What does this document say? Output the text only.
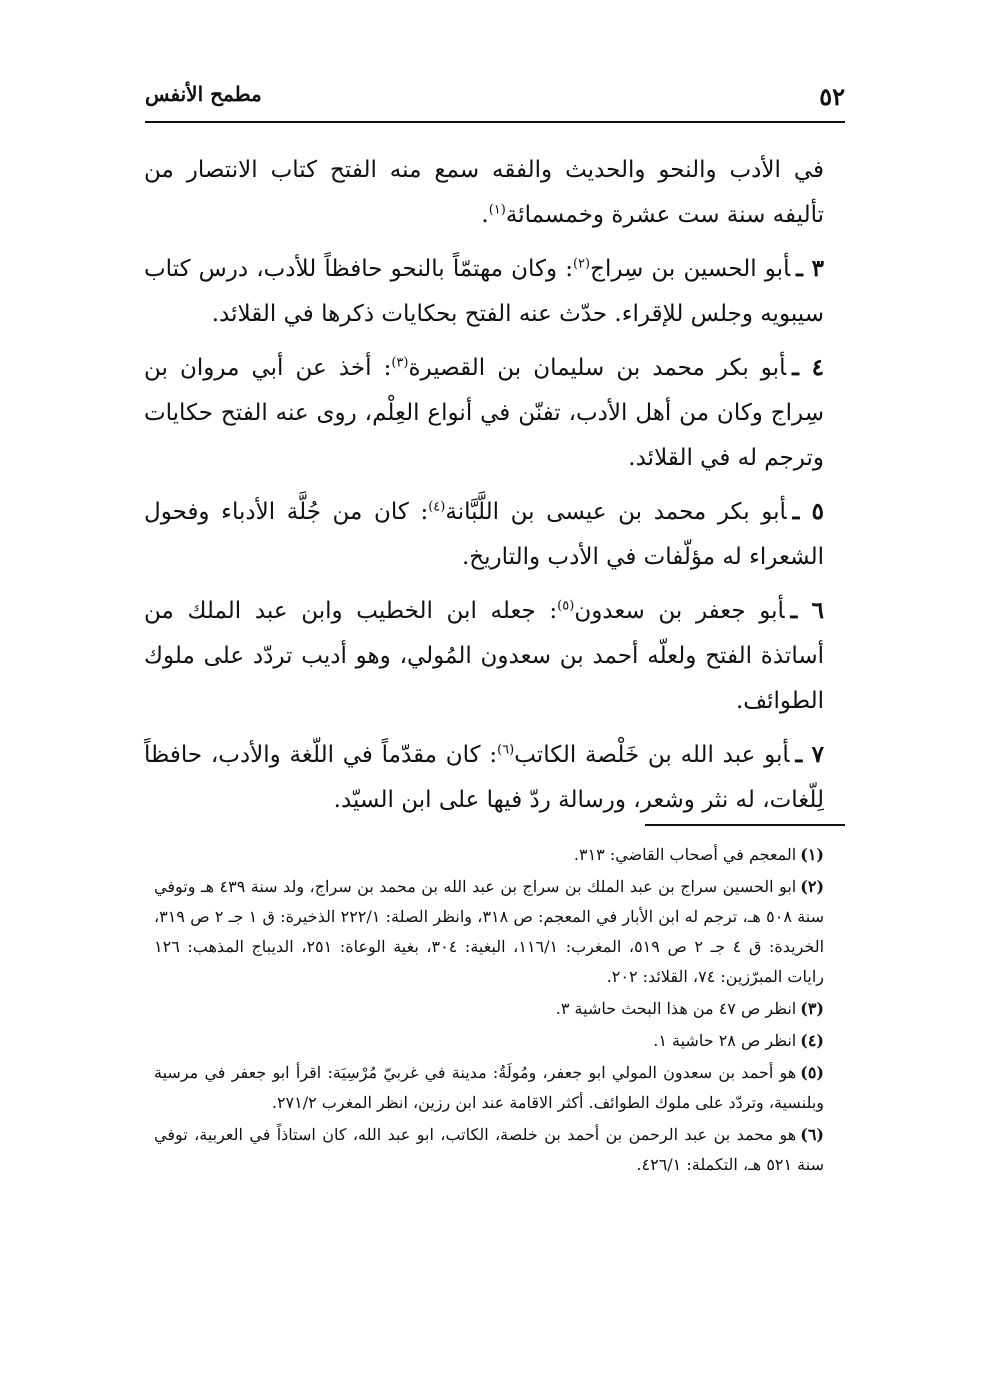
٥٢
مطمح الأنفس

في الأدب والنحو والحديث والفقه سمع منه الفتح كتاب الانتصار من تأليفه سنة ست عشرة وخمسمائة$^{(١)}$.

٣ ـأبو الحسين بن سِراج$^{(٢)}$: وكان مهتمّاً بالنحو حافظاً للأدب، درس كتاب سيبويه وجلس للإقراء. حدّث عنه الفتح بحكايات ذكرها في القلائد.

٤ ـأبو بكر محمد بن سليمان بن القصيرة$^{(٣)}$: أخذ عن أبي مروان بن سِراج وكان من أهل الأدب، تفنّن في أنواع العِلْم، روى عنه الفتح حكايات وترجم له في القلائد.

٥ ـأبو بكر محمد بن عيسى بن اللَّبَّانة$^{(٤)}$: كان من جُلَّة الأدباء وفحول الشعراء له مؤلّفات في الأدب والتاريخ.

٦ ـأبو جعفر بن سعدون$^{(٥)}$: جعله ابن الخطيب وابن عبد الملك من أساتذة الفتح ولعلّه أحمد بن سعدون المُولي، وهو أديب تردّد على ملوك الطوائف.

٧ ـأبو عبد الله بن خَلْصة الكاتب$^{(٦)}$: كان مقدّماً في اللّغة والأدب، حافظاً لِلّغات، له نثر وشعر، ورسالة ردّ فيها على ابن السيّد.

(١)المعجم في أصحاب القاضي: ٣١٣.

(٢)ابو الحسين سراج بن عبد الملك بن سراج بن عبد الله بن محمد بن سراج، ولد سنة ٤٣٩ هـ وتوفي سنة ٥٠٨ هـ، ترجم له ابن الأبار في المعجم: ص ٣١٨، وانظر الصلة: ٢٢٢/١ الذخيرة: ق ١ جـ ٢ ص ٣١٩، الخريدة: ق ٤ جـ ٢ ص ٥١٩، المغرب: ١١٦/١، البغية: ٣٠٤، بغية الوعاة: ٢٥١، الديباج المذهب: ١٢٦ رايات المبرّزين: ٧٤، القلائد: ٢٠٢.

(٣)انظر ص ٤٧ من هذا البحث حاشية ٣.

(٤)انظر ص ٢٨ حاشية ١.

(٥)هو أحمد بن سعدون المولي ابو جعفر، ومُولَةُ: مدينة في غربيّ مُرْسِيَة: اقرأ ابو جعفر في مرسية وبلنسية، وتردّد على ملوك الطوائف. أكثر الاقامة عند ابن رزين، انظر المغرب ٢٧١/٢.

(٦)هو محمد بن عبد الرحمن بن أحمد بن خلصة، الكاتب، ابو عبد الله، كان استاذاً في العربية، توفي سنة ٥٢١ هـ، التكملة: ٤٢٦/١.
